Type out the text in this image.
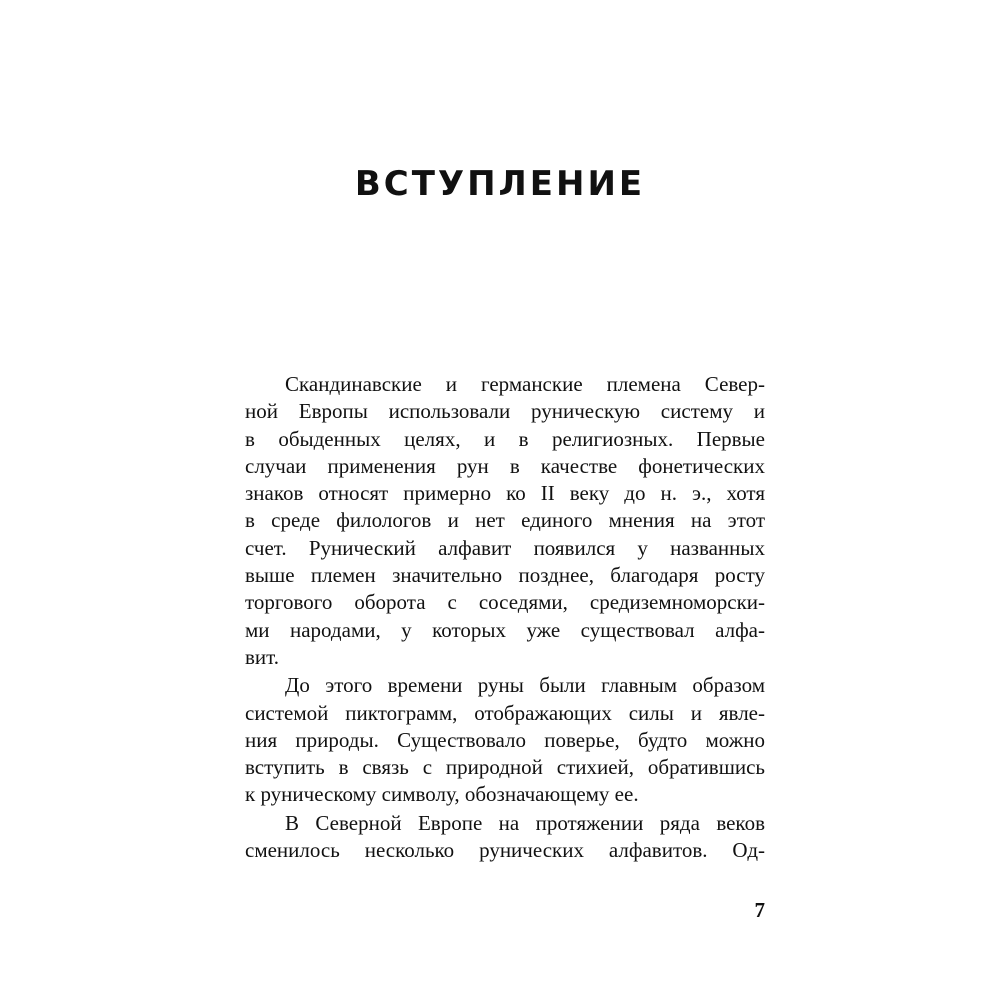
ВСТУПЛЕНИЕ
Скандинавские и германские племена Север-
ной Европы использовали руническую систему и
в обыденных целях, и в религиозных. Первые
случаи применения рун в качестве фонетических
знаков относят примерно ко II веку до н. э., хотя
в среде филологов и нет единого мнения на этот
счет. Рунический алфавит появился у названных
выше племен значительно позднее, благодаря росту
торгового оборота с соседями, средиземноморски-
ми народами, у которых уже существовал алфа-
вит.
До этого времени руны были главным образом
системой пиктограмм, отображающих силы и явле-
ния природы. Существовало поверье, будто можно
вступить в связь с природной стихией, обратившись
к руническому символу, обозначающему ее.
В Северной Европе на протяжении ряда веков
сменилось несколько рунических алфавитов. Од-
7
